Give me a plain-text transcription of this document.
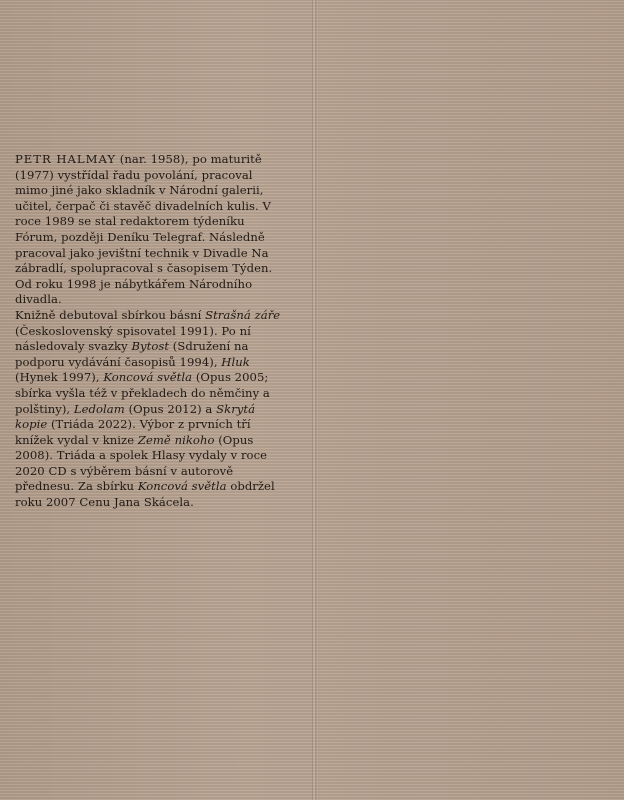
PETR HALMAY (nar. 1958), po maturitě (1977) vystřídal řadu povolání, pracoval mimo jiné jako skladník v Národní galerii, učitel, čerpač či stavěč divadelních kulis. V roce 1989 se stal redaktorem týdeníku Fórum, později Deníku Telegraf. Následně pracoval jako jevištní technik v Divadle Na zábradlí, spolupracoval s časopisem Týden. Od roku 1998 je nábytkářem Národního divadla.

Knižně debutoval sbírkou básní Strašná záře (Československý spisovatel 1991). Po ní následovaly svazky Bytost (Sdružení na podporu vydávání časopisů 1994), Hluk (Hynek 1997), Koncová světla (Opus 2005; sbírka vyšla též v překladech do němčiny a polštiny), Ledolam (Opus 2012) a Skrytá kopie (Triáda 2022). Výbor z prvních tří knížek vydal v knize Země nikoho (Opus 2008). Triáda a spolek Hlasy vydaly v roce 2020 CD s výběrem básní v autorově přednesu. Za sbírku Koncová světla obdržel roku 2007 Cenu Jana Skácela.
